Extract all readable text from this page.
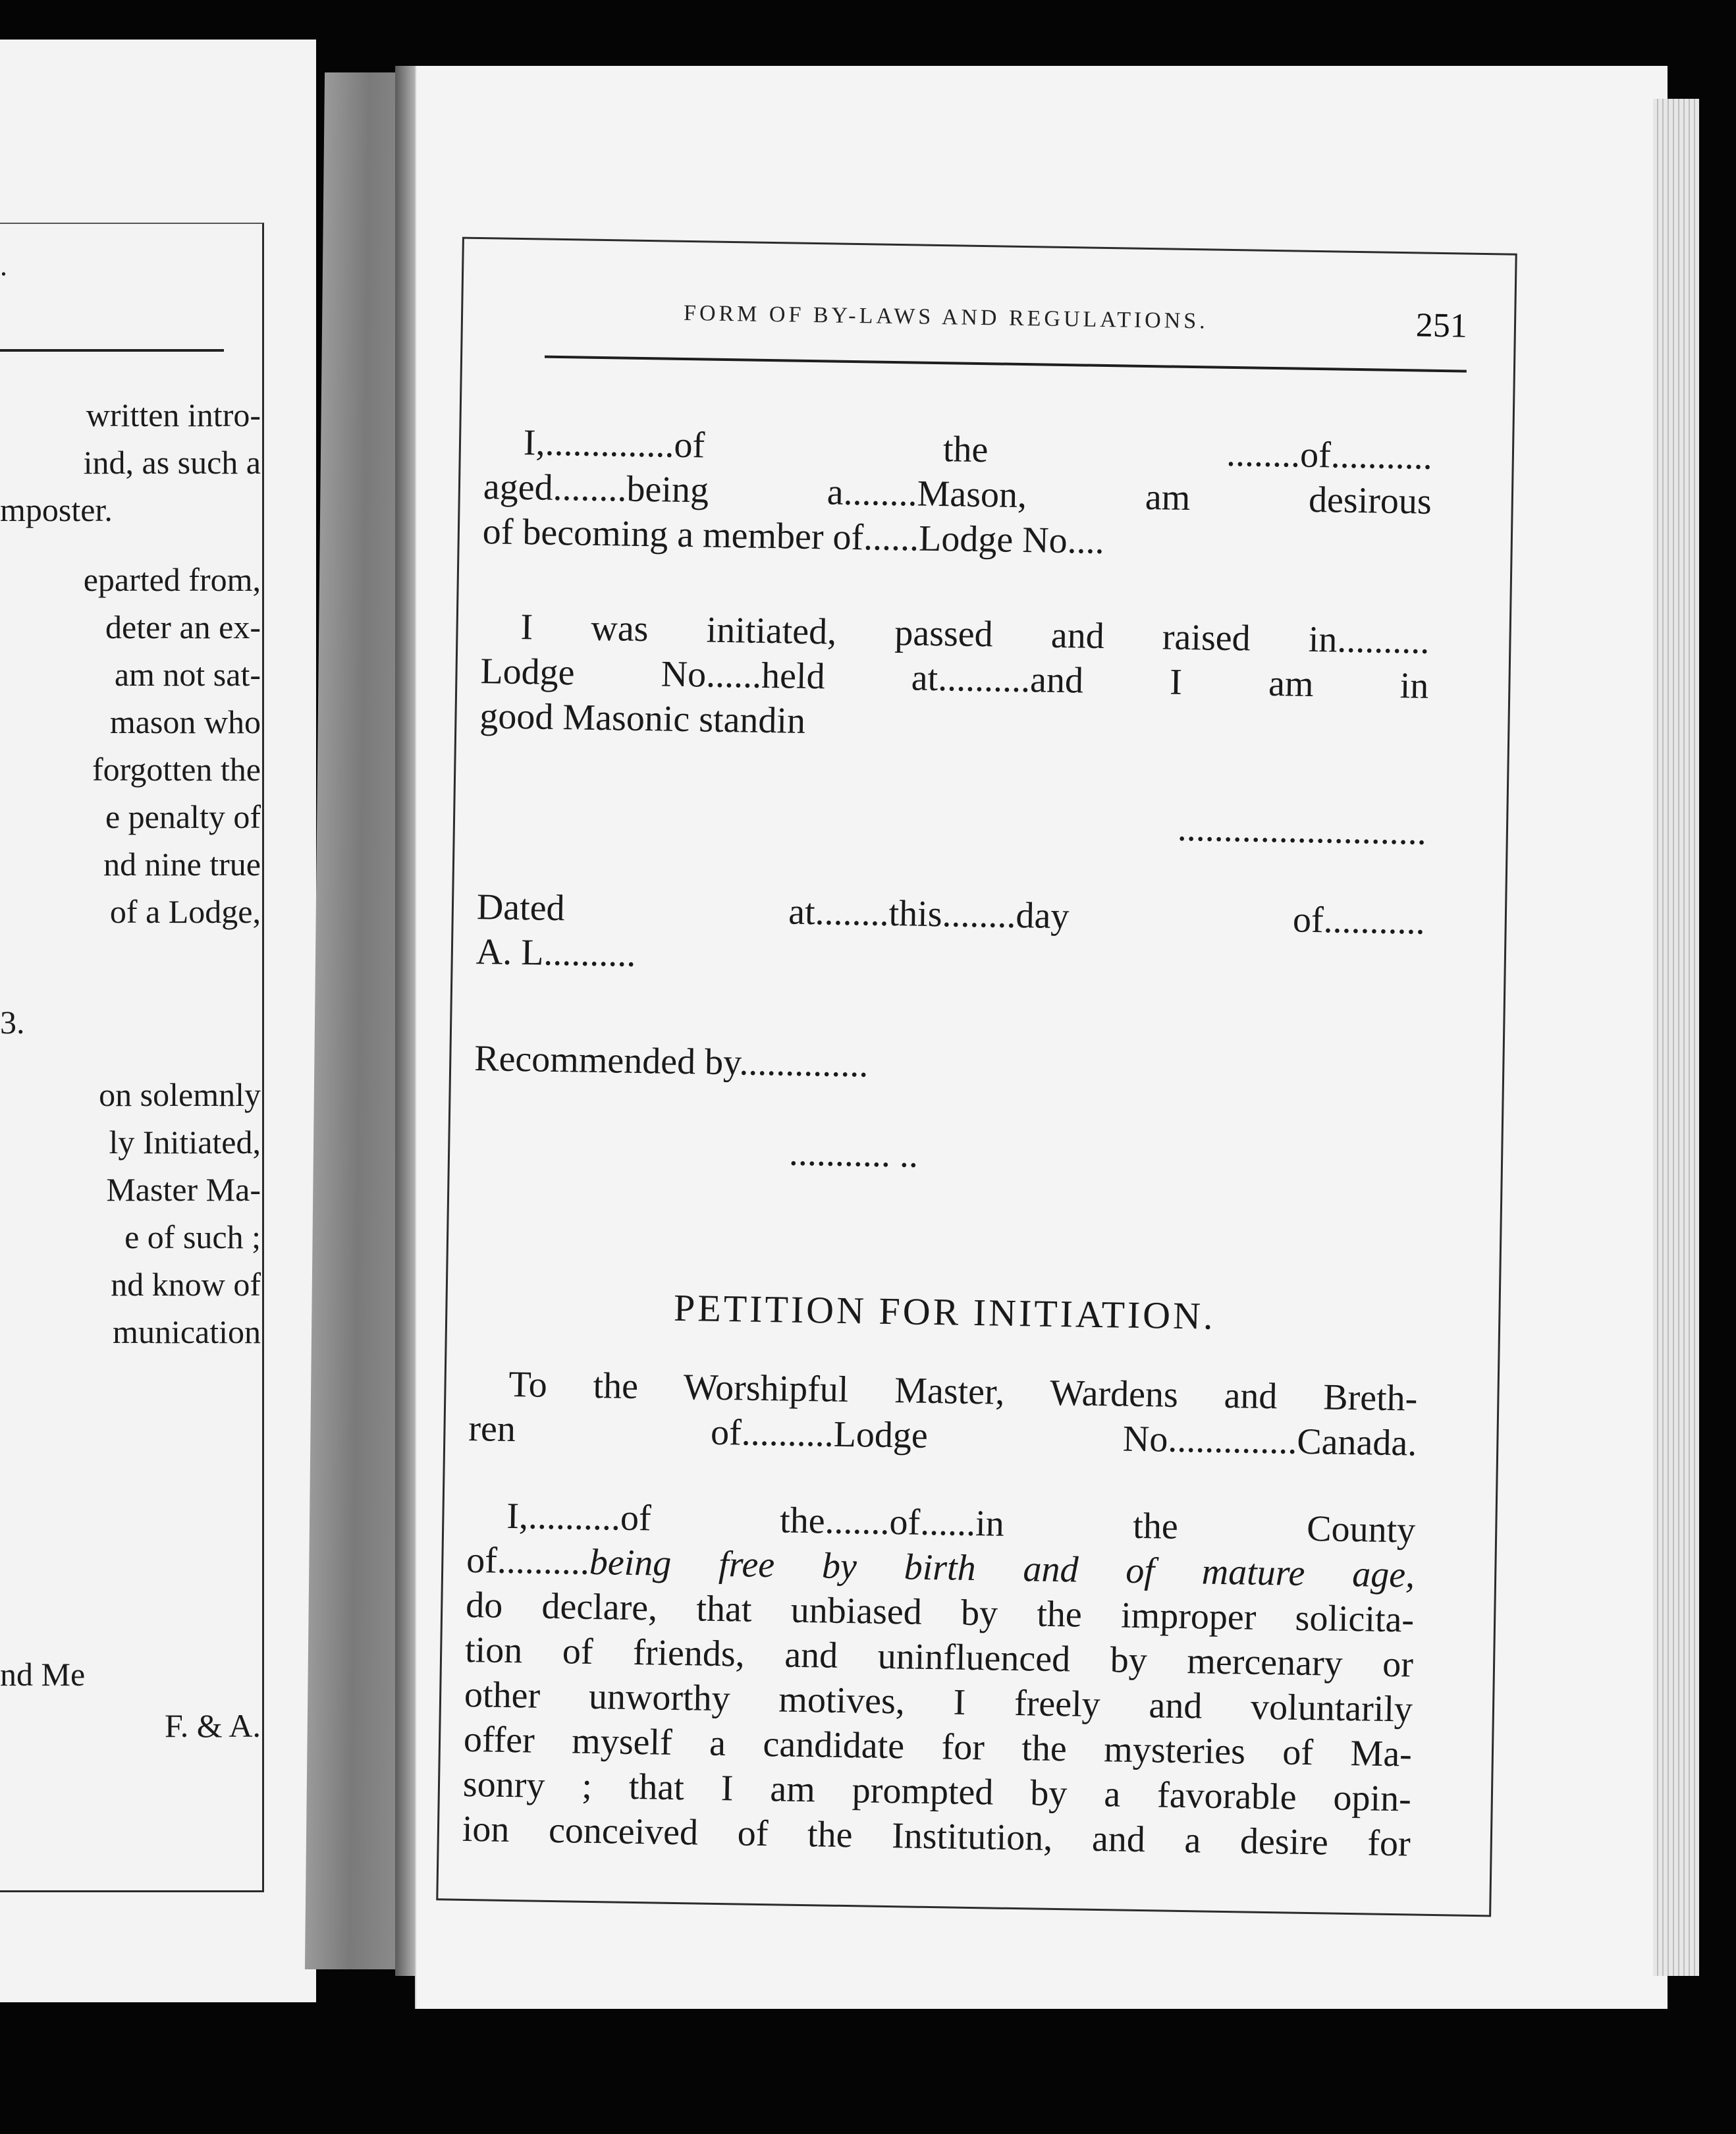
.
written intro-
ind, as such a
mposter.
eparted from,
deter an ex-
am not sat-
mason who
forgotten the
e penalty of
nd nine true
of a Lodge,
3.
on solemnly
ly Initiated,
Master Ma-
e of such ;
nd know of
munication
nd Me
F. & A.
FORM OF BY-LAWS AND REGULATIONS.	251
I,..............of the ........of...........
aged........being a........Mason, am desirous
of becoming a member of......Lodge No....
I was initiated, passed and raised in..........
Lodge No......held at..........and I am in
good Masonic standin
...........................
Dated at........this........day of...........
A. L..........
Recommended by..............
........... ..
PETITION FOR INITIATION.
To the Worshipful Master, Wardens and Breth-
ren of..........Lodge No..............Canada.
I,..........of the.......of......in the County
of..........being free by birth and of mature age,
do declare, that unbiased by the improper solicita-
tion of friends, and uninfluenced by mercenary or
other unworthy motives, I freely and voluntarily
offer myself a candidate for the mysteries of Ma-
sonry ; that I am prompted by a favorable opin-
ion conceived of the Institution, and a desire for
